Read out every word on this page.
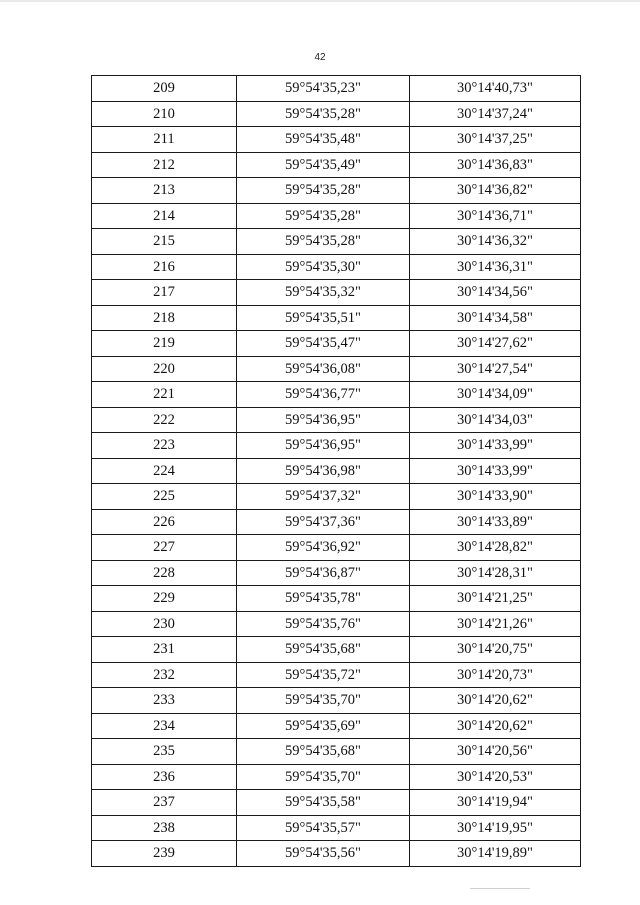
42
209	59°54'35,23"	30°14'40,73"
210	59°54'35,28"	30°14'37,24"
211	59°54'35,48"	30°14'37,25"
212	59°54'35,49"	30°14'36,83"
213	59°54'35,28"	30°14'36,82"
214	59°54'35,28"	30°14'36,71"
215	59°54'35,28"	30°14'36,32"
216	59°54'35,30"	30°14'36,31"
217	59°54'35,32"	30°14'34,56"
218	59°54'35,51"	30°14'34,58"
219	59°54'35,47"	30°14'27,62"
220	59°54'36,08"	30°14'27,54"
221	59°54'36,77"	30°14'34,09"
222	59°54'36,95"	30°14'34,03"
223	59°54'36,95"	30°14'33,99"
224	59°54'36,98"	30°14'33,99"
225	59°54'37,32"	30°14'33,90"
226	59°54'37,36"	30°14'33,89"
227	59°54'36,92"	30°14'28,82"
228	59°54'36,87"	30°14'28,31"
229	59°54'35,78"	30°14'21,25"
230	59°54'35,76"	30°14'21,26"
231	59°54'35,68"	30°14'20,75"
232	59°54'35,72"	30°14'20,73"
233	59°54'35,70"	30°14'20,62"
234	59°54'35,69"	30°14'20,62"
235	59°54'35,68"	30°14'20,56"
236	59°54'35,70"	30°14'20,53"
237	59°54'35,58"	30°14'19,94"
238	59°54'35,57"	30°14'19,95"
239	59°54'35,56"	30°14'19,89"
